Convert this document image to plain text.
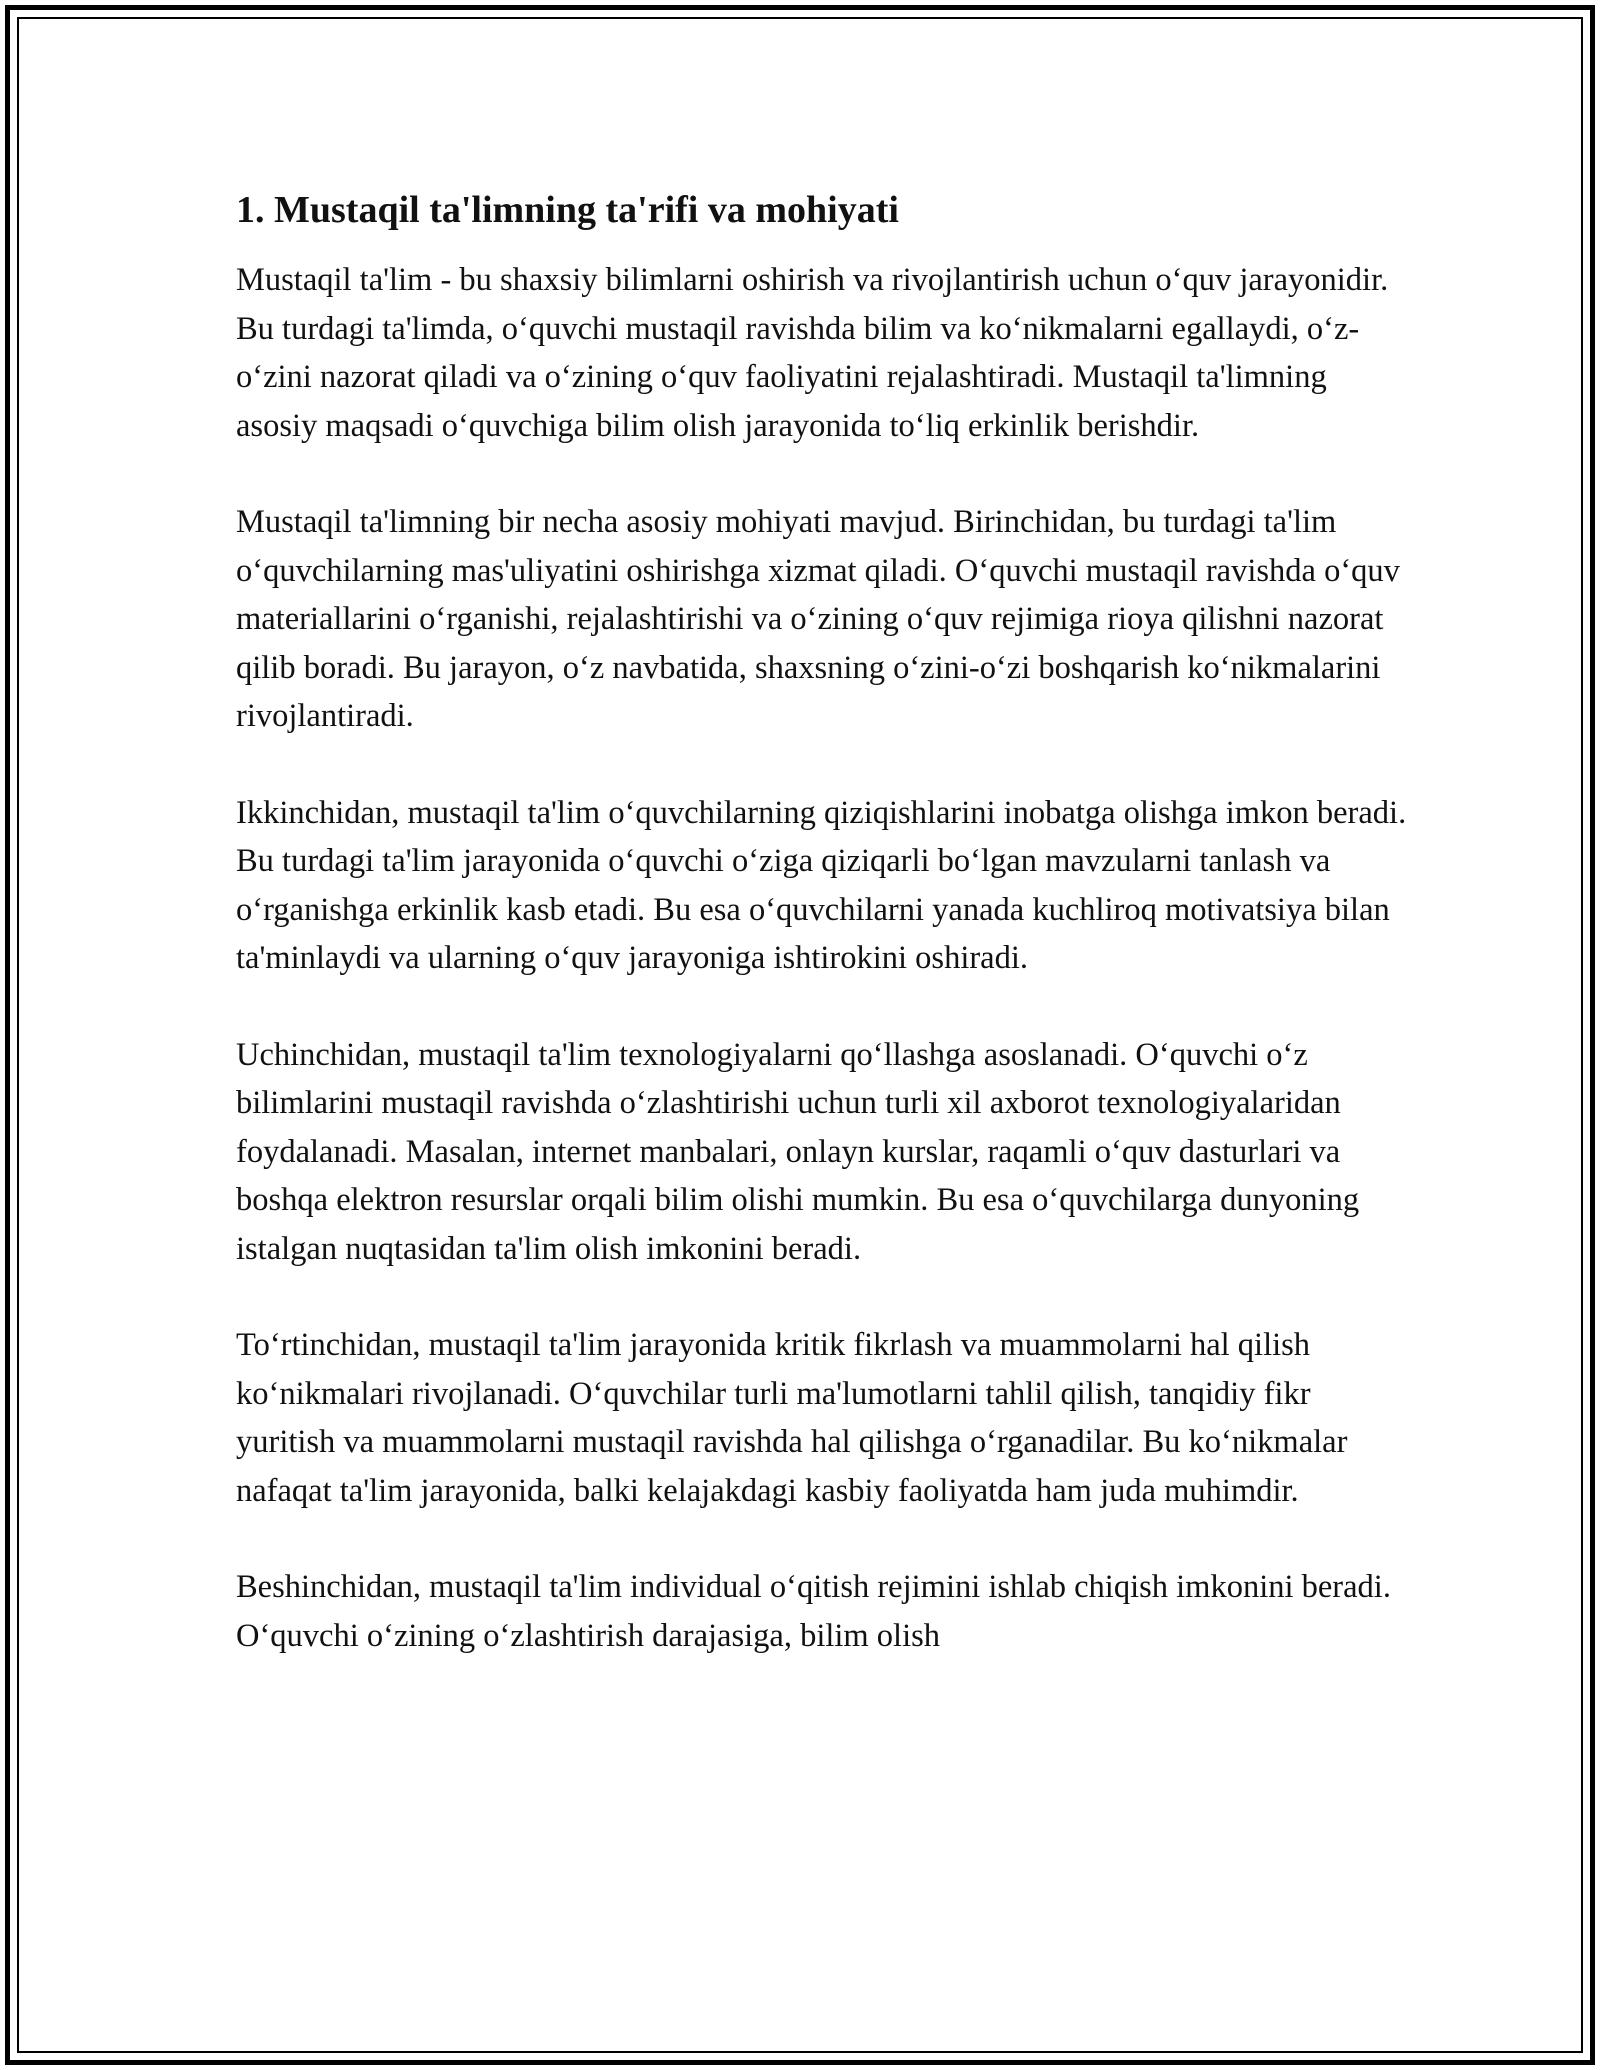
1. Mustaqil ta'limning ta'rifi va mohiyati

Mustaqil ta'lim - bu shaxsiy bilimlarni oshirish va rivojlantirish uchun o‘quv jarayonidir. Bu turdagi ta'limda, o‘quvchi mustaqil ravishda bilim va ko‘nikmalarni egallaydi, o‘z-o‘zini nazorat qiladi va o‘zining o‘quv faoliyatini rejalashtiradi. Mustaqil ta'limning asosiy maqsadi o‘quvchiga bilim olish jarayonida to‘liq erkinlik berishdir.

Mustaqil ta'limning bir necha asosiy mohiyati mavjud. Birinchidan, bu turdagi ta'lim o‘quvchilarning mas'uliyatini oshirishga xizmat qiladi. O‘quvchi mustaqil ravishda o‘quv materiallarini o‘rganishi, rejalashtirishi va o‘zining o‘quv rejimiga rioya qilishni nazorat qilib boradi. Bu jarayon, o‘z navbatida, shaxsning o‘zini-o‘zi boshqarish ko‘nikmalarini rivojlantiradi.

Ikkinchidan, mustaqil ta'lim o‘quvchilarning qiziqishlarini inobatga olishga imkon beradi. Bu turdagi ta'lim jarayonida o‘quvchi o‘ziga qiziqarli bo‘lgan mavzularni tanlash va o‘rganishga erkinlik kasb etadi. Bu esa o‘quvchilarni yanada kuchliroq motivatsiya bilan ta'minlaydi va ularning o‘quv jarayoniga ishtirokini oshiradi.

Uchinchidan, mustaqil ta'lim texnologiyalarni qo‘llashga asoslanadi. O‘quvchi o‘z bilimlarini mustaqil ravishda o‘zlashtirishi uchun turli xil axborot texnologiyalaridan foydalanadi. Masalan, internet manbalari, onlayn kurslar, raqamli o‘quv dasturlari va boshqa elektron resurslar orqali bilim olishi mumkin. Bu esa o‘quvchilarga dunyoning istalgan nuqtasidan ta'lim olish imkonini beradi.

To‘rtinchidan, mustaqil ta'lim jarayonida kritik fikrlash va muammolarni hal qilish ko‘nikmalari rivojlanadi. O‘quvchilar turli ma'lumotlarni tahlil qilish, tanqidiy fikr yuritish va muammolarni mustaqil ravishda hal qilishga o‘rganadilar. Bu ko‘nikmalar nafaqat ta'lim jarayonida, balki kelajakdagi kasbiy faoliyatda ham juda muhimdir.

Beshinchidan, mustaqil ta'lim individual o‘qitish rejimini ishlab chiqish imkonini beradi. O‘quvchi o‘zining o‘zlashtirish darajasiga, bilim olish
